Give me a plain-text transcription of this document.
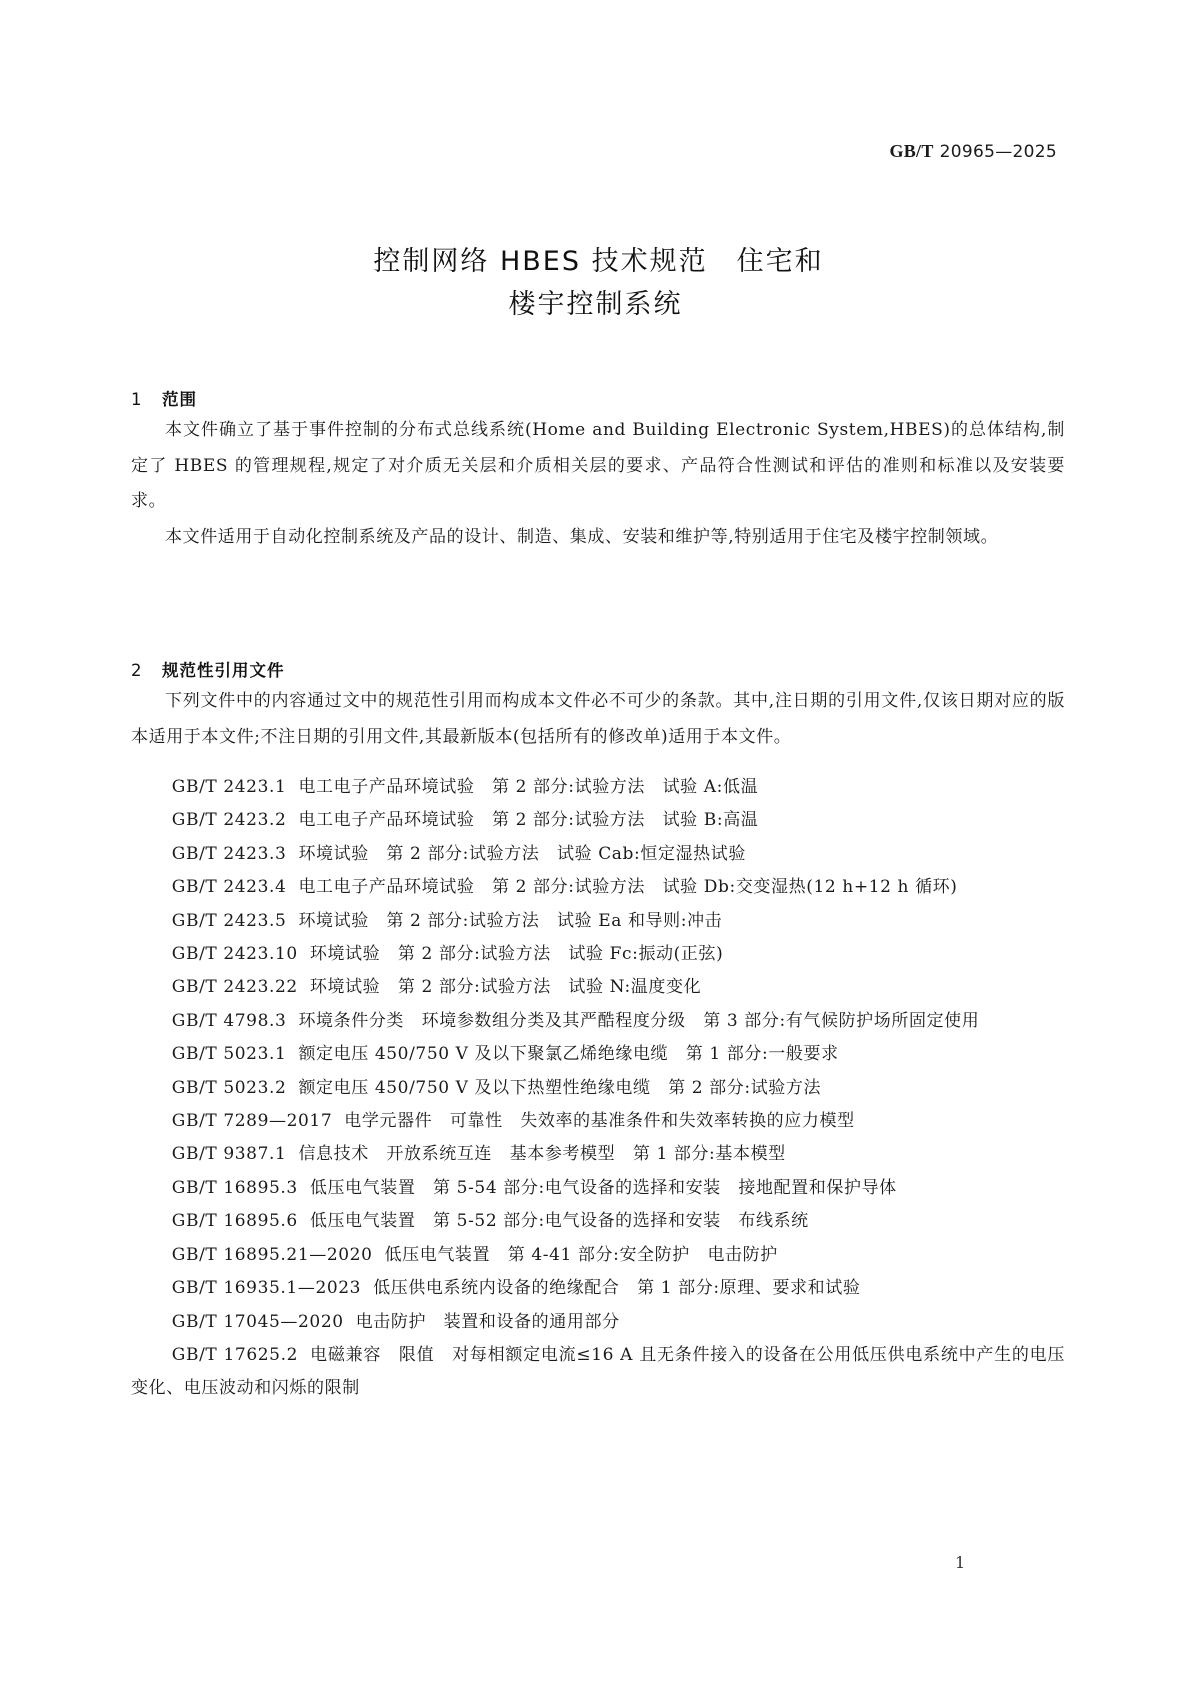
GB/T 20965—2025
控制网络 HBES 技术规范　住宅和
楼宇控制系统
1 范围

本文件确立了基于事件控制的分布式总线系统(Home and Building Electronic System,HBES)的总体结构,制定了 HBES 的管理规程,规定了对介质无关层和介质相关层的要求、产品符合性测试和评估的准则和标准以及安装要求。

本文件适用于自动化控制系统及产品的设计、制造、集成、安装和维护等,特别适用于住宅及楼宇控制领域。

2 规范性引用文件

下列文件中的内容通过文中的规范性引用而构成本文件必不可少的条款。其中,注日期的引用文件,仅该日期对应的版本适用于本文件;不注日期的引用文件,其最新版本(包括所有的修改单)适用于本文件。

GB/T 2423.1 电工电子产品环境试验　第 2 部分:试验方法　试验 A:低温

GB/T 2423.2 电工电子产品环境试验　第 2 部分:试验方法　试验 B:高温

GB/T 2423.3 环境试验　第 2 部分:试验方法　试验 Cab:恒定湿热试验

GB/T 2423.4 电工电子产品环境试验　第 2 部分:试验方法　试验 Db:交变湿热(12 h+12 h 循环)

GB/T 2423.5 环境试验　第 2 部分:试验方法　试验 Ea 和导则:冲击

GB/T 2423.10 环境试验　第 2 部分:试验方法　试验 Fc:振动(正弦)

GB/T 2423.22 环境试验　第 2 部分:试验方法　试验 N:温度变化

GB/T 4798.3 环境条件分类　环境参数组分类及其严酷程度分级　第 3 部分:有气候防护场所固定使用

GB/T 5023.1 额定电压 450/750 V 及以下聚氯乙烯绝缘电缆　第 1 部分:一般要求

GB/T 5023.2 额定电压 450/750 V 及以下热塑性绝缘电缆　第 2 部分:试验方法

GB/T 7289—2017 电学元器件　可靠性　失效率的基准条件和失效率转换的应力模型

GB/T 9387.1 信息技术　开放系统互连　基本参考模型　第 1 部分:基本模型

GB/T 16895.3 低压电气装置　第 5-54 部分:电气设备的选择和安装　接地配置和保护导体

GB/T 16895.6 低压电气装置　第 5-52 部分:电气设备的选择和安装　布线系统

GB/T 16895.21—2020 低压电气装置　第 4-41 部分:安全防护　电击防护

GB/T 16935.1—2023 低压供电系统内设备的绝缘配合　第 1 部分:原理、要求和试验

GB/T 17045—2020 电击防护　装置和设备的通用部分

GB/T 17625.2 电磁兼容　限值　对每相额定电流≤16 A 且无条件接入的设备在公用低压供电系统中产生的电压变化、电压波动和闪烁的限制

1
